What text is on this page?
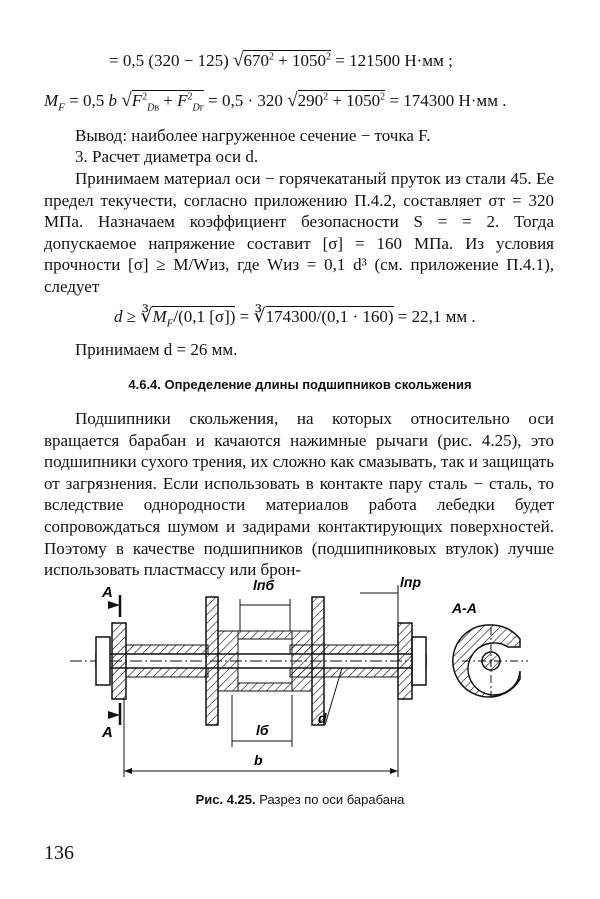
= 0,5 (320 − 125) $√670^2 + 1050^2 = 121500$ Н·мм ;
$M_F = 0,5$ b $√F^2_{Dв} + F^2_{Dг} = 0,5 \cdot 320$ $√290^2 + 1050^2 = 174300$ Н·мм .
Вывод: наиболее нагруженное сечение − точка F.
3. Расчет диаметра оси d.
Принимаем материал оси − горячекатаный пруток из стали 45. Ее предел текучести, согласно приложению П.4.2, составляет σт = 320 МПа. Назначаем коэффициент безопасности S = = 2. Тогда допускаемое напряжение составит [σ] = 160 МПа. Из условия прочности [σ] ≥ M/Wиз, где Wиз = 0,1 d³ (см. приложение П.4.1), следует
$d \ge ∛M_F/(0,1$ [σ]) = ∛174300/(0,1 · 160) = 22,1 мм .
Принимаем d = 26 мм.
4.6.4. Определение длины подшипников скольжения
Подшипники скольжения, на которых относительно оси вращается барабан и качаются нажимные рычаги (рис. 4.25), это подшипники сухого трения, их сложно как смазывать, так и защищать от загрязнения. Если использовать в контакте пару сталь − сталь, то вследствие однородности материалов работа лебедки будет сопровождаться шумом и задирами контактирующих поверхностей. Поэтому в качестве подшипников (подшипниковых втулок) лучше использовать пластмассу или брон-
A
A
lпб	lпр
lб
d
b
A-A
Рис. 4.25. Разрез по оси барабана
136
